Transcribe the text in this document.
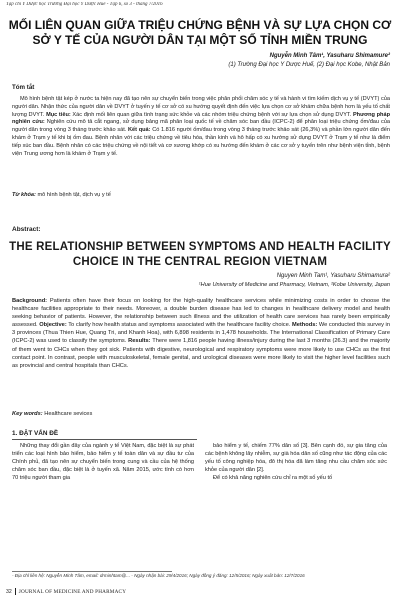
Tạp chí Y Dược học Trường Đại học Y Dược Huế - Tập 6, số 3 - tháng 7/2016
MỐI LIÊN QUAN GIỮA TRIỆU CHỨNG BỆNH VÀ SỰ LỰA CHỌN CƠ SỞ Y TẾ CỦA NGƯỜI DÂN TẠI MỘT SỐ TỈNH MIỀN TRUNG
Nguyễn Minh Tâm¹, Yasuharu Shimamure²
(1) Trường Đại học Y Dược Huế, (2) Đại học Kobe, Nhật Bản
Tóm tắt

Mô hình bệnh tật kép ở nước ta hiện nay đã tạo nên sự chuyển biến trong việc phân phối chăm sóc y tế và hành vi tìm kiếm dịch vụ y tế (DVYT) của người dân. Nhận thức của người dân về DVYT ở tuyến y tế cơ sở có xu hướng quyết định đến việc lựa chọn cơ sở khám chữa bệnh hơn là yếu tố chất lượng DVYT. Mục tiêu: Xác định mối liên quan giữa tình trạng sức khỏe và các nhóm triệu chứng bệnh với sự lựa chọn sử dụng DVYT. Phương pháp nghiên cứu: Nghiên cứu mô tả cắt ngang, sử dụng bảng mã phân loại quốc tế về chăm sóc ban đầu (ICPC-2) để phân loại triệu chứng ốm/đau của người dân trong vòng 3 tháng trước khảo sát. Kết quả: Có 1.816 người ốm/đau trong vòng 3 tháng trước khảo sát (26,3%) và phần lớn người dân đến khám ở Trạm y tế khi bị ốm đau. Bệnh nhân với các triệu chứng về tiêu hóa, thần kinh và hô hấp có xu hướng sử dụng DVYT ở Trạm y tế như là điểm tiếp xúc ban đầu. Bệnh nhân có các triệu chứng về nội tiết và cơ xương khớp có xu hướng đến khám ở các cơ sở y tuyến trên như bệnh viện tỉnh, bệnh viện Trung ương hơn là khám ở Trạm y tế.

Từ khóa: mô hình bệnh tật, dịch vụ y tế
Abstract:
THE RELATIONSHIP BETWEEN SYMPTOMS AND HEALTH FACILITY CHOICE IN THE CENTRAL REGION VIETNAM
Nguyen Minh Tam¹, Yasuharu Shimamura²
¹Hue University of Medicine and Pharmacy, Vietnam, ²Kobe University, Japan

Background: Patients often have their focus on looking for the high-quality healthcare services while minimizing costs in order to choose the healthcare facilities appropriate to their needs. Moreover, a double burden disease has led to changes in healthcare delivery model and health seeking behavior of patients. However, the relationship between such illness and the utilization of health care services has rarely been empirically assessed. Objective: To clarify how health status and symptoms associated with the healthcare facility choice. Methods: We conducted this survey in 3 provinces (Thua Thien Hue, Quang Tri, and Khanh Hoa), with 6,898 residents in 1,478 households. The International Classification of Primary Care (ICPC-2) was used to classify the symptoms. Results: There were 1,816 people having illness/injury during the last 3 months (26.3) and the majority of them went to CHCs when they got sick. Patients with digestive, neurological and respiratory symptoms were more likely to use CHCs as the first contact point. In contrast, people with musculoskeletal, female genital, and urological diseases were more likely to visit the higher level facilities such as provincial and central hospitals than CHCs.

Key words: Healthcare sevices
1. ĐẶT VẤN ĐỀ

Những thay đổi gần đây của ngành y tế Việt Nam, đặc biệt là sự phát triển các loại hình bảo hiểm, bảo hiểm y tế toàn dân và sự đầu tư của Chính phủ, đã tạo nên sự chuyển biến trong cung và cầu của hệ thống chăm sóc ban đầu, đặc biệt là ở tuyến xã. Năm 2015, ước tính có hơn 70 triệu người tham gia

bảo hiểm y tế, chiếm 77% dân số [3]. Bên cạnh đó, sự gia tăng của các bệnh không lây nhiễm, sự già hóa dân số cũng như tác động của các yếu tố công nghiệp hóa, đô thị hóa đã làm tăng nhu cầu chăm sóc sức khỏe của người dân [2].

Để có khả năng nghiên cứu chỉ ra một số yếu tố

- Địa chỉ liên hệ: Nguyễn Minh Tâm, email: drminhtam@... - Ngày nhận bài: 29/4/2016; Ngày đồng ý đăng: 12/5/2016; Ngày xuất bản: 12/7/2016
32 JOURNAL OF MEDICINE AND PHARMACY
